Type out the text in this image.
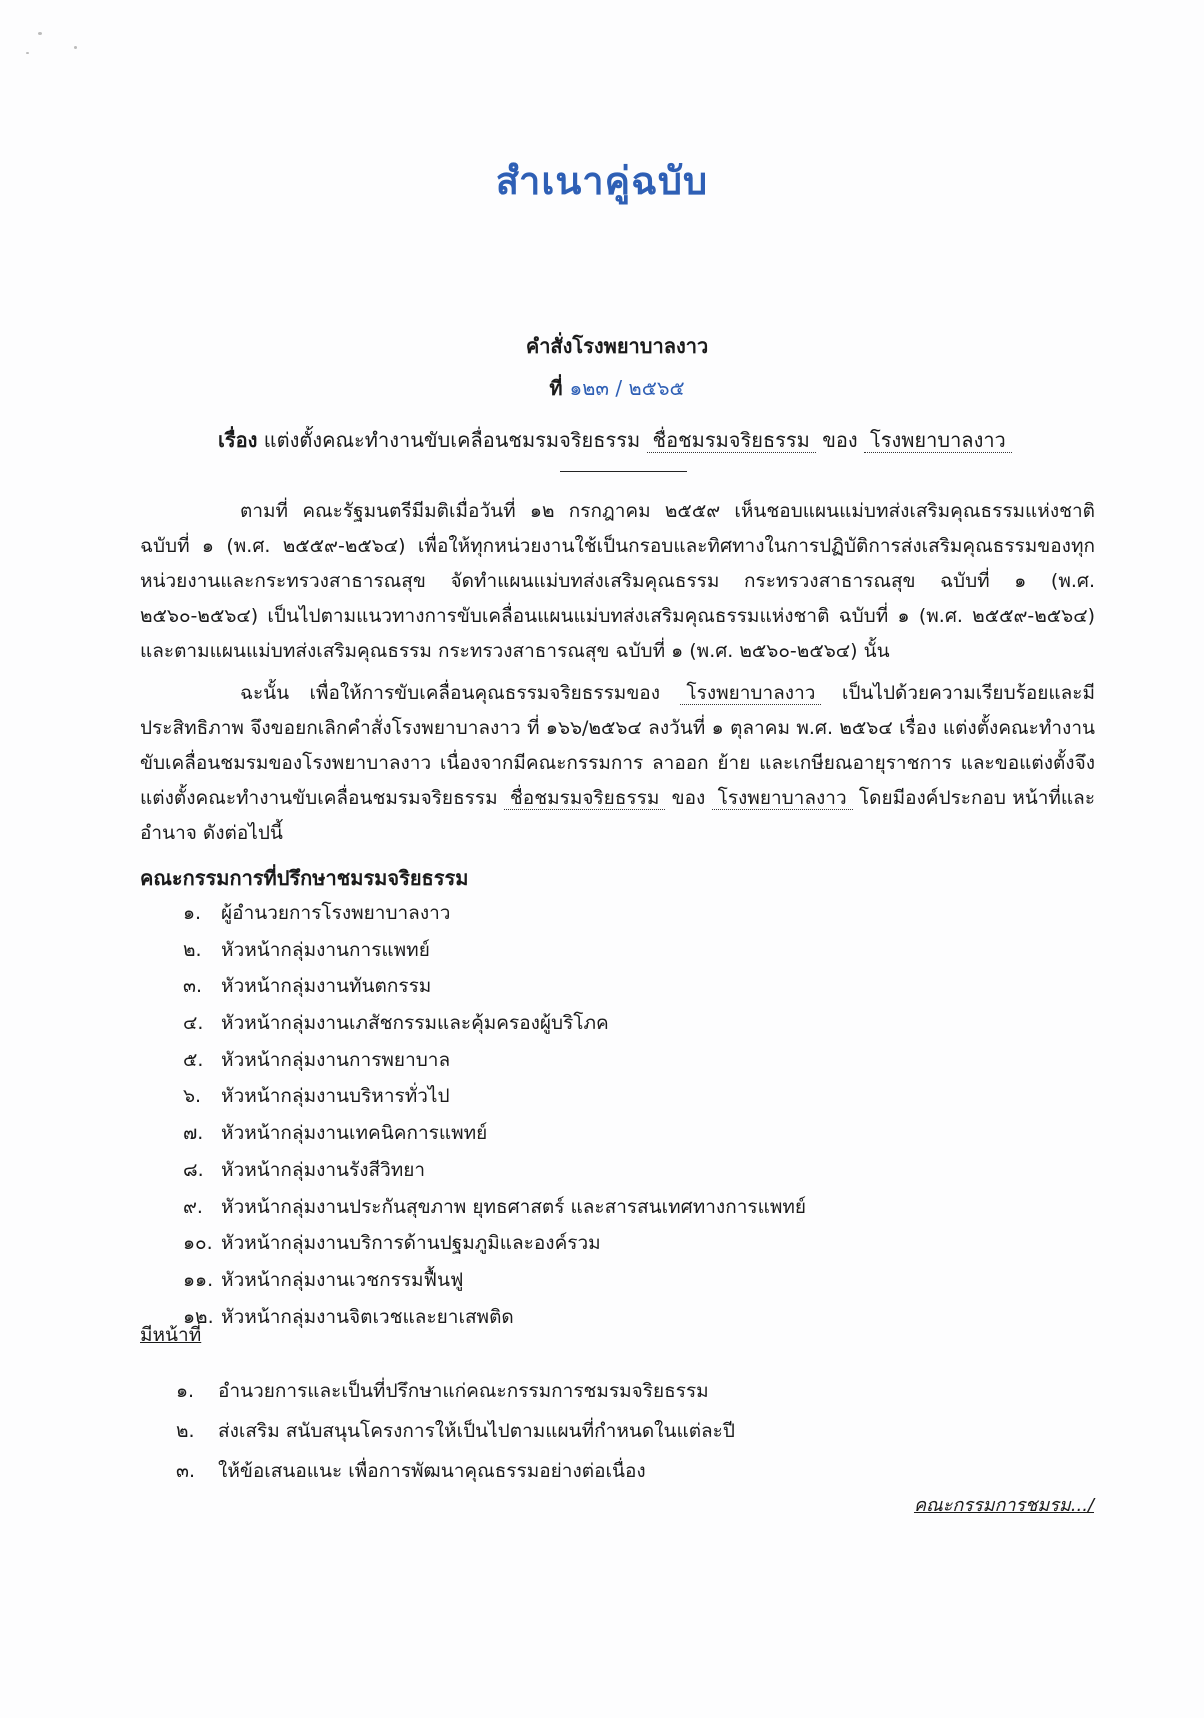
สำเนาคู่ฉบับ
คำสั่งโรงพยาบาลงาว
ที่ ๑๒๓ / ๒๕๖๕
เรื่อง แต่งตั้งคณะทำงานขับเคลื่อนชมรมจริยธรรม ชื่อชมรมจริยธรรม ของ โรงพยาบาลงาว
ตามที่ คณะรัฐมนตรีมีมติเมื่อวันที่ ๑๒ กรกฎาคม ๒๕๕๙ เห็นชอบแผนแม่บทส่งเสริมคุณธรรมแห่งชาติ ฉบับที่ ๑ (พ.ศ. ๒๕๕๙-๒๕๖๔) เพื่อให้ทุกหน่วยงานใช้เป็นกรอบและทิศทางในการปฏิบัติการส่งเสริมคุณธรรมของทุกหน่วยงานและกระทรวงสาธารณสุข จัดทำแผนแม่บทส่งเสริมคุณธรรม กระทรวงสาธารณสุข ฉบับที่ ๑ (พ.ศ. ๒๕๖๐-๒๕๖๔) เป็นไปตามแนวทางการขับเคลื่อนแผนแม่บทส่งเสริมคุณธรรมแห่งชาติ ฉบับที่ ๑ (พ.ศ. ๒๕๕๙-๒๕๖๔) และตามแผนแม่บทส่งเสริมคุณธรรม กระทรวงสาธารณสุข ฉบับที่ ๑ (พ.ศ. ๒๕๖๐-๒๕๖๔) นั้น
ฉะนั้น เพื่อให้การขับเคลื่อนคุณธรรมจริยธรรมของ โรงพยาบาลงาว เป็นไปด้วยความเรียบร้อยและมีประสิทธิภาพ จึงขอยกเลิกคำสั่งโรงพยาบาลงาว ที่ ๑๖๖/๒๕๖๔ ลงวันที่ ๑ ตุลาคม พ.ศ. ๒๕๖๔ เรื่อง แต่งตั้งคณะทำงานขับเคลื่อนชมรมของโรงพยาบาลงาว เนื่องจากมีคณะกรรมการ ลาออก ย้าย และเกษียณอายุราชการ และขอแต่งตั้งจึงแต่งตั้งคณะทำงานขับเคลื่อนชมรมจริยธรรม ชื่อชมรมจริยธรรม ของ โรงพยาบาลงาว โดยมีองค์ประกอบ หน้าที่และอำนาจ ดังต่อไปนี้
คณะกรรมการที่ปรึกษาชมรมจริยธรรม
๑. ผู้อำนวยการโรงพยาบาลงาว
๒. หัวหน้ากลุ่มงานการแพทย์
๓. หัวหน้ากลุ่มงานทันตกรรม
๔. หัวหน้ากลุ่มงานเภสัชกรรมและคุ้มครองผู้บริโภค
๕. หัวหน้ากลุ่มงานการพยาบาล
๖. หัวหน้ากลุ่มงานบริหารทั่วไป
๗. หัวหน้ากลุ่มงานเทคนิคการแพทย์
๘. หัวหน้ากลุ่มงานรังสีวิทยา
๙. หัวหน้ากลุ่มงานประกันสุขภาพ ยุทธศาสตร์ และสารสนเทศทางการแพทย์
๑๐. หัวหน้ากลุ่มงานบริการด้านปฐมภูมิและองค์รวม
๑๑. หัวหน้ากลุ่มงานเวชกรรมฟื้นฟู
๑๒. หัวหน้ากลุ่มงานจิตเวชและยาเสพติด
มีหน้าที่
๑. อำนวยการและเป็นที่ปรึกษาแก่คณะกรรมการชมรมจริยธรรม
๒. ส่งเสริม สนับสนุนโครงการให้เป็นไปตามแผนที่กำหนดในแต่ละปี
๓. ให้ข้อเสนอแนะ เพื่อการพัฒนาคุณธรรมอย่างต่อเนื่อง
คณะกรรมการชมรม.../
